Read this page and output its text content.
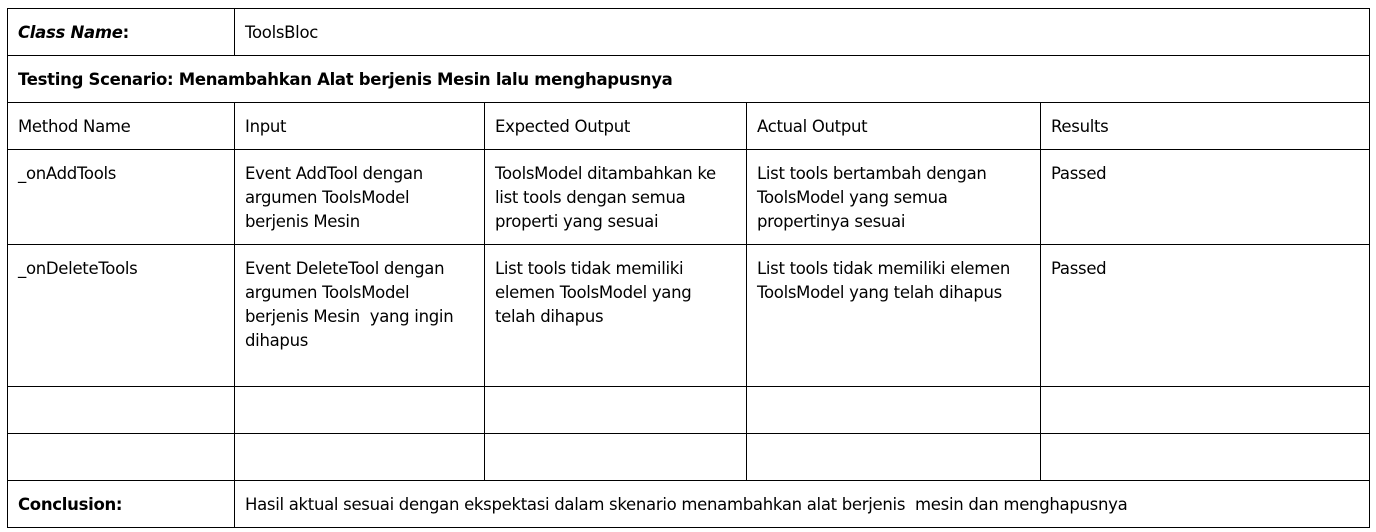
Class Name:	ToolsBloc			
Testing Scenario: Menambahkan Alat berjenis Mesin lalu menghapusnya				
Method Name	Input	Expected Output	Actual Output	Results
_onAddTools	Event AddTool dengan argumen ToolsModel berjenis Mesin	ToolsModel ditambahkan ke list tools dengan semua properti yang sesuai	List tools bertambah dengan ToolsModel yang semua propertinya sesuai	Passed
_onDeleteTools	Event DeleteTool dengan argumen ToolsModel berjenis Mesin  yang ingin dihapus	List tools tidak memiliki elemen ToolsModel yang telah dihapus	List tools tidak memiliki elemen ToolsModel yang telah dihapus	Passed

Conclusion:	Hasil aktual sesuai dengan ekspektasi dalam skenario menambahkan alat berjenis  mesin dan menghapusnya			
